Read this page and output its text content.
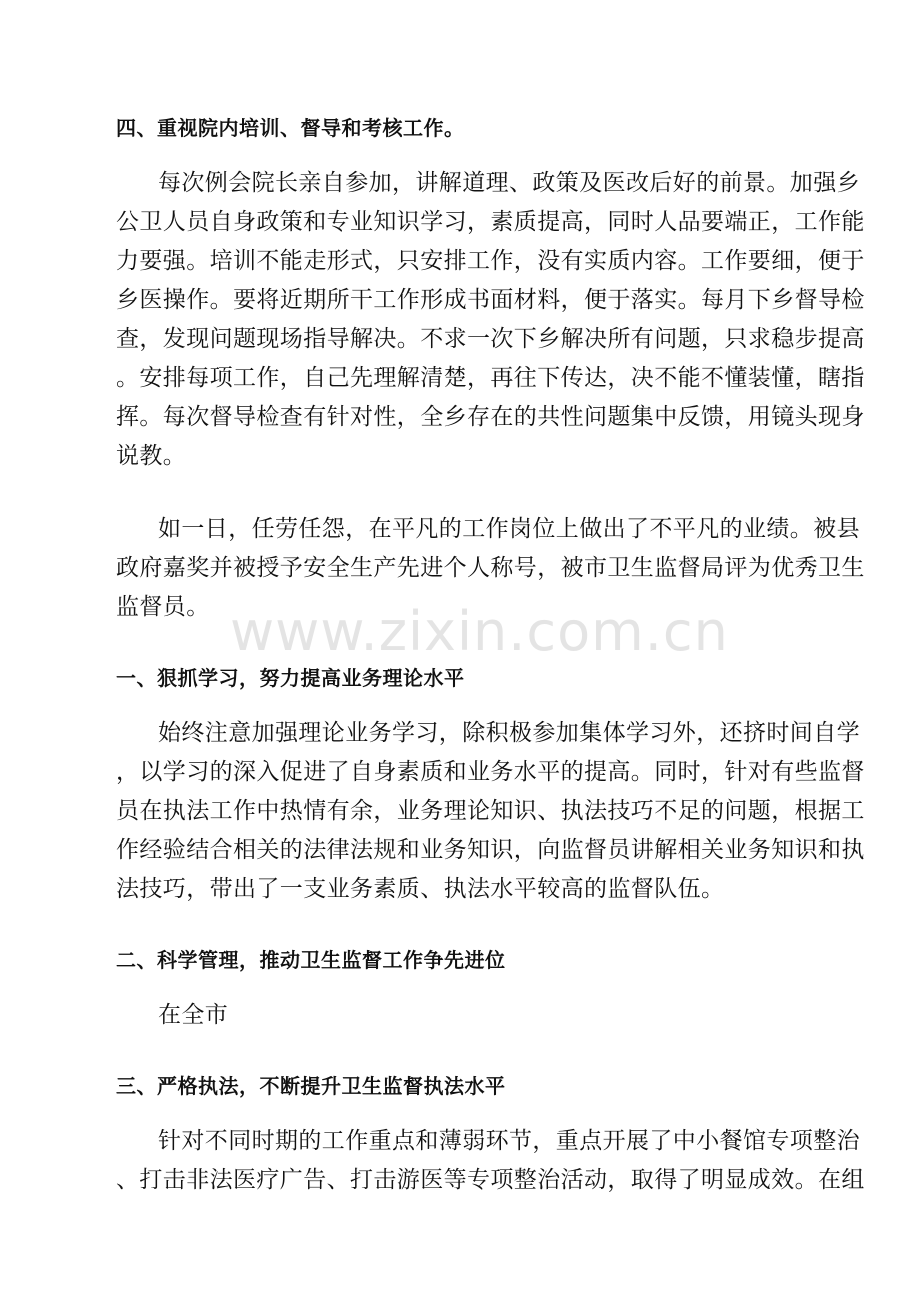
四、重视院内培训、督导和考核工作。
每次例会院长亲自参加，讲解道理、政策及医改后好的前景。加强乡
公卫人员自身政策和专业知识学习，素质提高，同时人品要端正，工作能
力要强。培训不能走形式，只安排工作，没有实质内容。工作要细，便于
乡医操作。要将近期所干工作形成书面材料，便于落实。每月下乡督导检
查，发现问题现场指导解决。不求一次下乡解决所有问题，只求稳步提高
。安排每项工作，自己先理解清楚，再往下传达，决不能不懂装懂，瞎指
挥。每次督导检查有针对性，全乡存在的共性问题集中反馈，用镜头现身
说教。
如一日，任劳任怨，在平凡的工作岗位上做出了不平凡的业绩。被县
政府嘉奖并被授予安全生产先进个人称号，被市卫生监督局评为优秀卫生
监督员。 www.zixin.com.cn
一、狠抓学习，努力提高业务理论水平
始终注意加强理论业务学习，除积极参加集体学习外，还挤时间自学
，以学习的深入促进了自身素质和业务水平的提高。同时，针对有些监督
员在执法工作中热情有余，业务理论知识、执法技巧不足的问题，根据工
作经验结合相关的法律法规和业务知识，向监督员讲解相关业务知识和执
法技巧，带出了一支业务素质、执法水平较高的监督队伍。
二、科学管理，推动卫生监督工作争先进位
在全市
三、严格执法，不断提升卫生监督执法水平
针对不同时期的工作重点和薄弱环节，重点开展了中小餐馆专项整治
、打击非法医疗广告、打击游医等专项整治活动，取得了明显成效。在组
